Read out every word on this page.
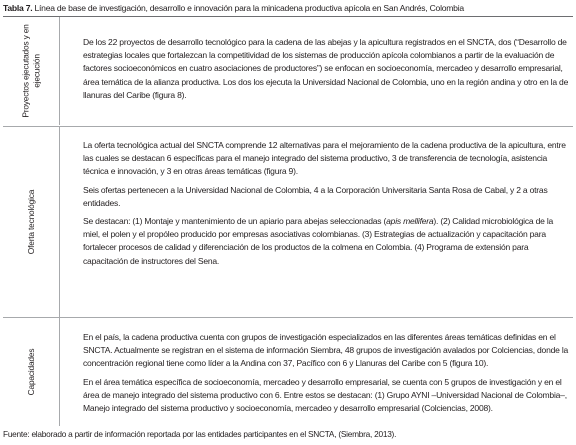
Tabla 7. Línea de base de investigación, desarrollo e innovación para la minicadena productiva apícola en San Andrés, Colombia
Proyectos ejecutados y en ejecución

De los 22 proyectos de desarrollo tecnológico para la cadena de las abejas y la apicultura registrados en el SNCTA, dos (“Desarrollo de estrategias locales que fortalezcan la competitividad de los sistemas de producción apícola colombianos a partir de la evaluación de factores socioeconómicos en cuatro asociaciones de productores”) se enfocan en socioeconomía, mercadeo y desarrollo empresarial, área temática de la alianza productiva. Los dos los ejecuta la Universidad Nacional de Colombia, uno en la región andina y otro en la de llanuras del Caribe (figura 8).

Oferta tecnológica

La oferta tecnológica actual del SNCTA comprende 12 alternativas para el mejoramiento de la cadena productiva de la apicultura, entre las cuales se destacan 6 específicas para el manejo integrado del sistema productivo, 3 de transferencia de tecnología, asistencia técnica e innovación, y 3 en otras áreas temáticas (figura 9).

Seis ofertas pertenecen a la Universidad Nacional de Colombia, 4 a la Corporación Universitaria Santa Rosa de Cabal, y 2 a otras entidades.

Se destacan: (1) Montaje y mantenimiento de un apiario para abejas seleccionadas (apis mellifera). (2) Calidad microbiológica de la miel, el polen y el propóleo producido por empresas asociativas colombianas. (3) Estrategias de actualización y capacitación para fortalecer procesos de calidad y diferenciación de los productos de la colmena en Colombia. (4) Programa de extensión para capacitación de instructores del Sena.

Capacidades

En el país, la cadena productiva cuenta con grupos de investigación especializados en las diferentes áreas temáticas definidas en el SNCTA. Actualmente se registran en el sistema de información Siembra, 48 grupos de investigación avalados por Colciencias, donde la concentración regional tiene como líder a la Andina con 37, Pacífico con 6 y Llanuras del Caribe con 5 (figura 10).

En el área temática específica de socioeconomía, mercadeo y desarrollo empresarial, se cuenta con 5 grupos de investigación y en el área de manejo integrado del sistema productivo con 6. Entre estos se destacan: (1) Grupo AYNI –Universidad Nacional de Colombia–, Manejo integrado del sistema productivo y socioeconomía, mercadeo y desarrollo empresarial (Colciencias, 2008).

Fuente: elaborado a partir de información reportada por las entidades participantes en el SNCTA, (Siembra, 2013).
